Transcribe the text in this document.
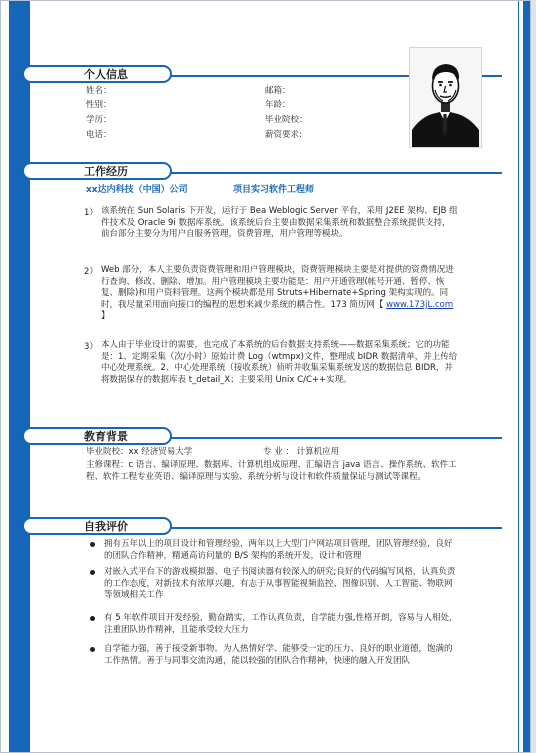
个人信息
姓名：
性别：
学历：
电话：
邮箱：
年龄：
毕业院校：
薪资要求:
工作经历
xx达内科技（中国）公司	项目实习软件工程师
1） 该系统在 Sun Solaris 下开发，运行于 Bea Weblogic Server 平台，采用 J2EE 架构、EJB 组件技术及 Oracle 9i 数据库系统。该系统后台主要由数据采集系统和数据整合系统提供支持，前台部分主要分为用户自服务管理，资费管理，用户管理等模块。
2） Web 部分，本人主要负责资费管理和用户管理模块，资费管理模块主要是对提供的资费情况进行查询、修改、删除、增加。用户管理模块主要功能是：用户开通管理(帐号开通、暂停、恢复、删除)和用户资料管理。这两个模块都是用 Struts+Hibernate+Spring 架构实现的。同时，我尽量采用面向接口的编程的思想来减少系统的耦合性。173 简历网【 www.173jL.com 】
3） 本人由于毕业设计的需要，也完成了本系统的后台数据支持系统——数据采集系统；它的功能是：1、定期采集（次/小时）原始计费 Log（wtmpx)文件，整理成 bIDR 数据清单，并上传给中心处理系统。2、中心处理系统（接收系统）侦听并收集采集系统发送的数据信息 BIDR，并将数据保存的数据库表 t_detail_X；主要采用 Unix C/C++实现。
教育背景
毕业院校：xx 经济贸易大学	专 业 ： 计算机应用
主修课程：c 语言、编译原理、数据库、计算机组成原理、汇编语言 java 语言、操作系统、软件工程、软件工程专业英语、编译原理与实验、系统分析与设计和软件质量保证与测试等课程。
自我评价
拥有五年以上的项目设计和管理经验，两年以上大型门户网站项目管理，团队管理经验，良好的团队合作精神，精通高访问量的 B/S 架构的系统开发，设计和管理
对嵌入式平台下的游戏模拟器、电子书阅读器有较深入的研究;良好的代码编写风格，认真负责的工作态度，对新技术有浓厚兴趣，有志于从事智能视频监控、图像识别、人工智能、物联网等领域相关工作
有 5 年软件项目开发经验，勤奋踏实，工作认真负责，自学能力强,性格开朗，容易与人相处，注重团队协作精神，且能承受较大压力
自学能力强，善于接受新事物。为人热情好学、能够受一定的压力、良好的职业道德，饱满的工作热情。善于与同事交流沟通，能以较强的团队合作精神，快速的融入开发团队
